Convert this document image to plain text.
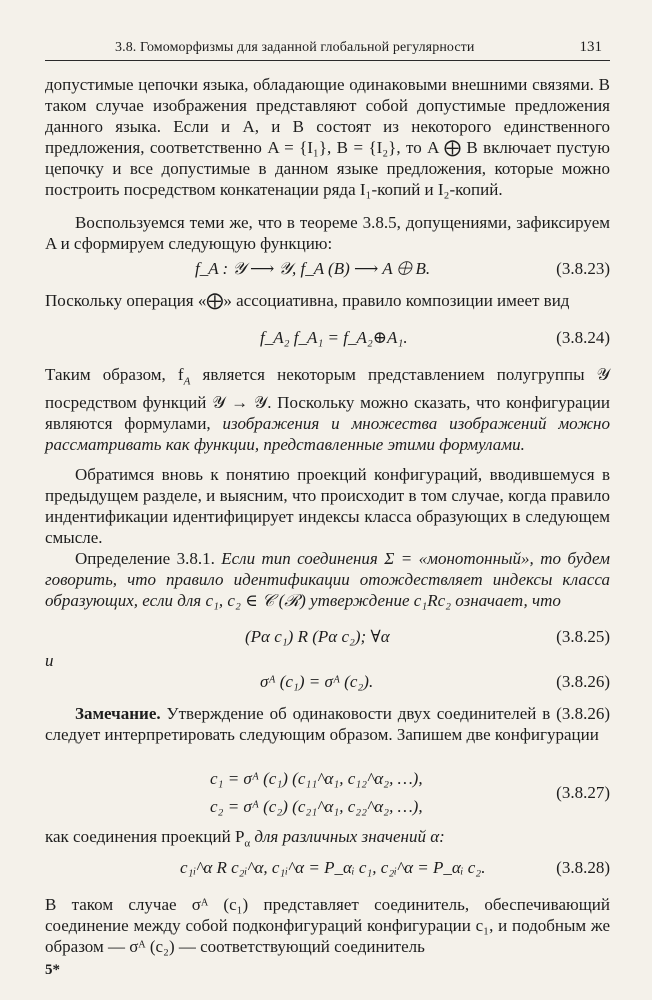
3.8. Гомоморфизмы для заданной глобальной регулярности	131

допустимые цепочки языка, обладающие одинаковыми внешними связями. В таком случае изображения представляют собой допустимые предложения данного языка. Если и A, и B состоят из некоторого единственного предложения, соответственно A = {I₁}, B = {I₂}, то A ⨁ B включает пустую цепочку и все допустимые в данном языке предложения, которые можно построить посредством конкатенации ряда I₁-копий и I₂-копий.

Воспользуемся теми же, что в теореме 3.8.5, допущениями, зафиксируем A и сформируем следующую функцию:

f_A : 𝒴 ⟶ 𝒴, f_A (B) ⟶ A ⨁ B.	(3.8.23)

Поскольку операция «⨁» ассоциативна, правило композиции имеет вид

f_A₂ f_A₁ = f_A₂⊕A₁.	(3.8.24)

Таким образом, $f_A$ является некоторым представлением полугруппы 𝒴 посредством функций 𝒴 → 𝒴. Поскольку можно сказать, что конфигурации являются формулами, изображения и множества изображений можно рассматривать как функции, представленные этими формулами.

Обратимся вновь к понятию проекций конфигураций, вводившемуся в предыдущем разделе, и выясним, что происходит в том случае, когда правило индентификации идентифицирует индексы класса образующих в следующем смысле.

Определение 3.8.1. Если тип соединения Σ = «монотонный», то будем говорить, что правило идентификации отождествляет индексы класса образующих, если для c₁, c₂ ∈ 𝒞 (ℛ) утверждение c₁Rc₂ означает, что

(Pα c₁) R (Pα c₂); ∀α	(3.8.25)

и

σᴬ (c₁) = σᴬ (c₂).	(3.8.26)

Замечание. Утверждение об одинаковости двух соединителей в (3.8.26) следует интерпретировать следующим образом. Запишем две конфигурации

c₁ = σᴬ (c₁) (c₁₁^α₁, c₁₂^α₂, …),
c₂ = σᴬ (c₂) (c₂₁^α₁, c₂₂^α₂, …),
(3.8.27)

как соединения проекций $P_\alpha$ для различных значений α:

c₁ᵢ^α R c₂ᵢ^α, c₁ᵢ^α = P_αᵢ c₁, c₂ᵢ^α = P_αᵢ c₂.	(3.8.28)

В таком случае σᴬ (c₁) представляет соединитель, обеспечивающий соединение между собой подконфигураций конфигурации c₁, и подобным же образом — σᴬ (c₂) — соответствующий соединитель

5*
